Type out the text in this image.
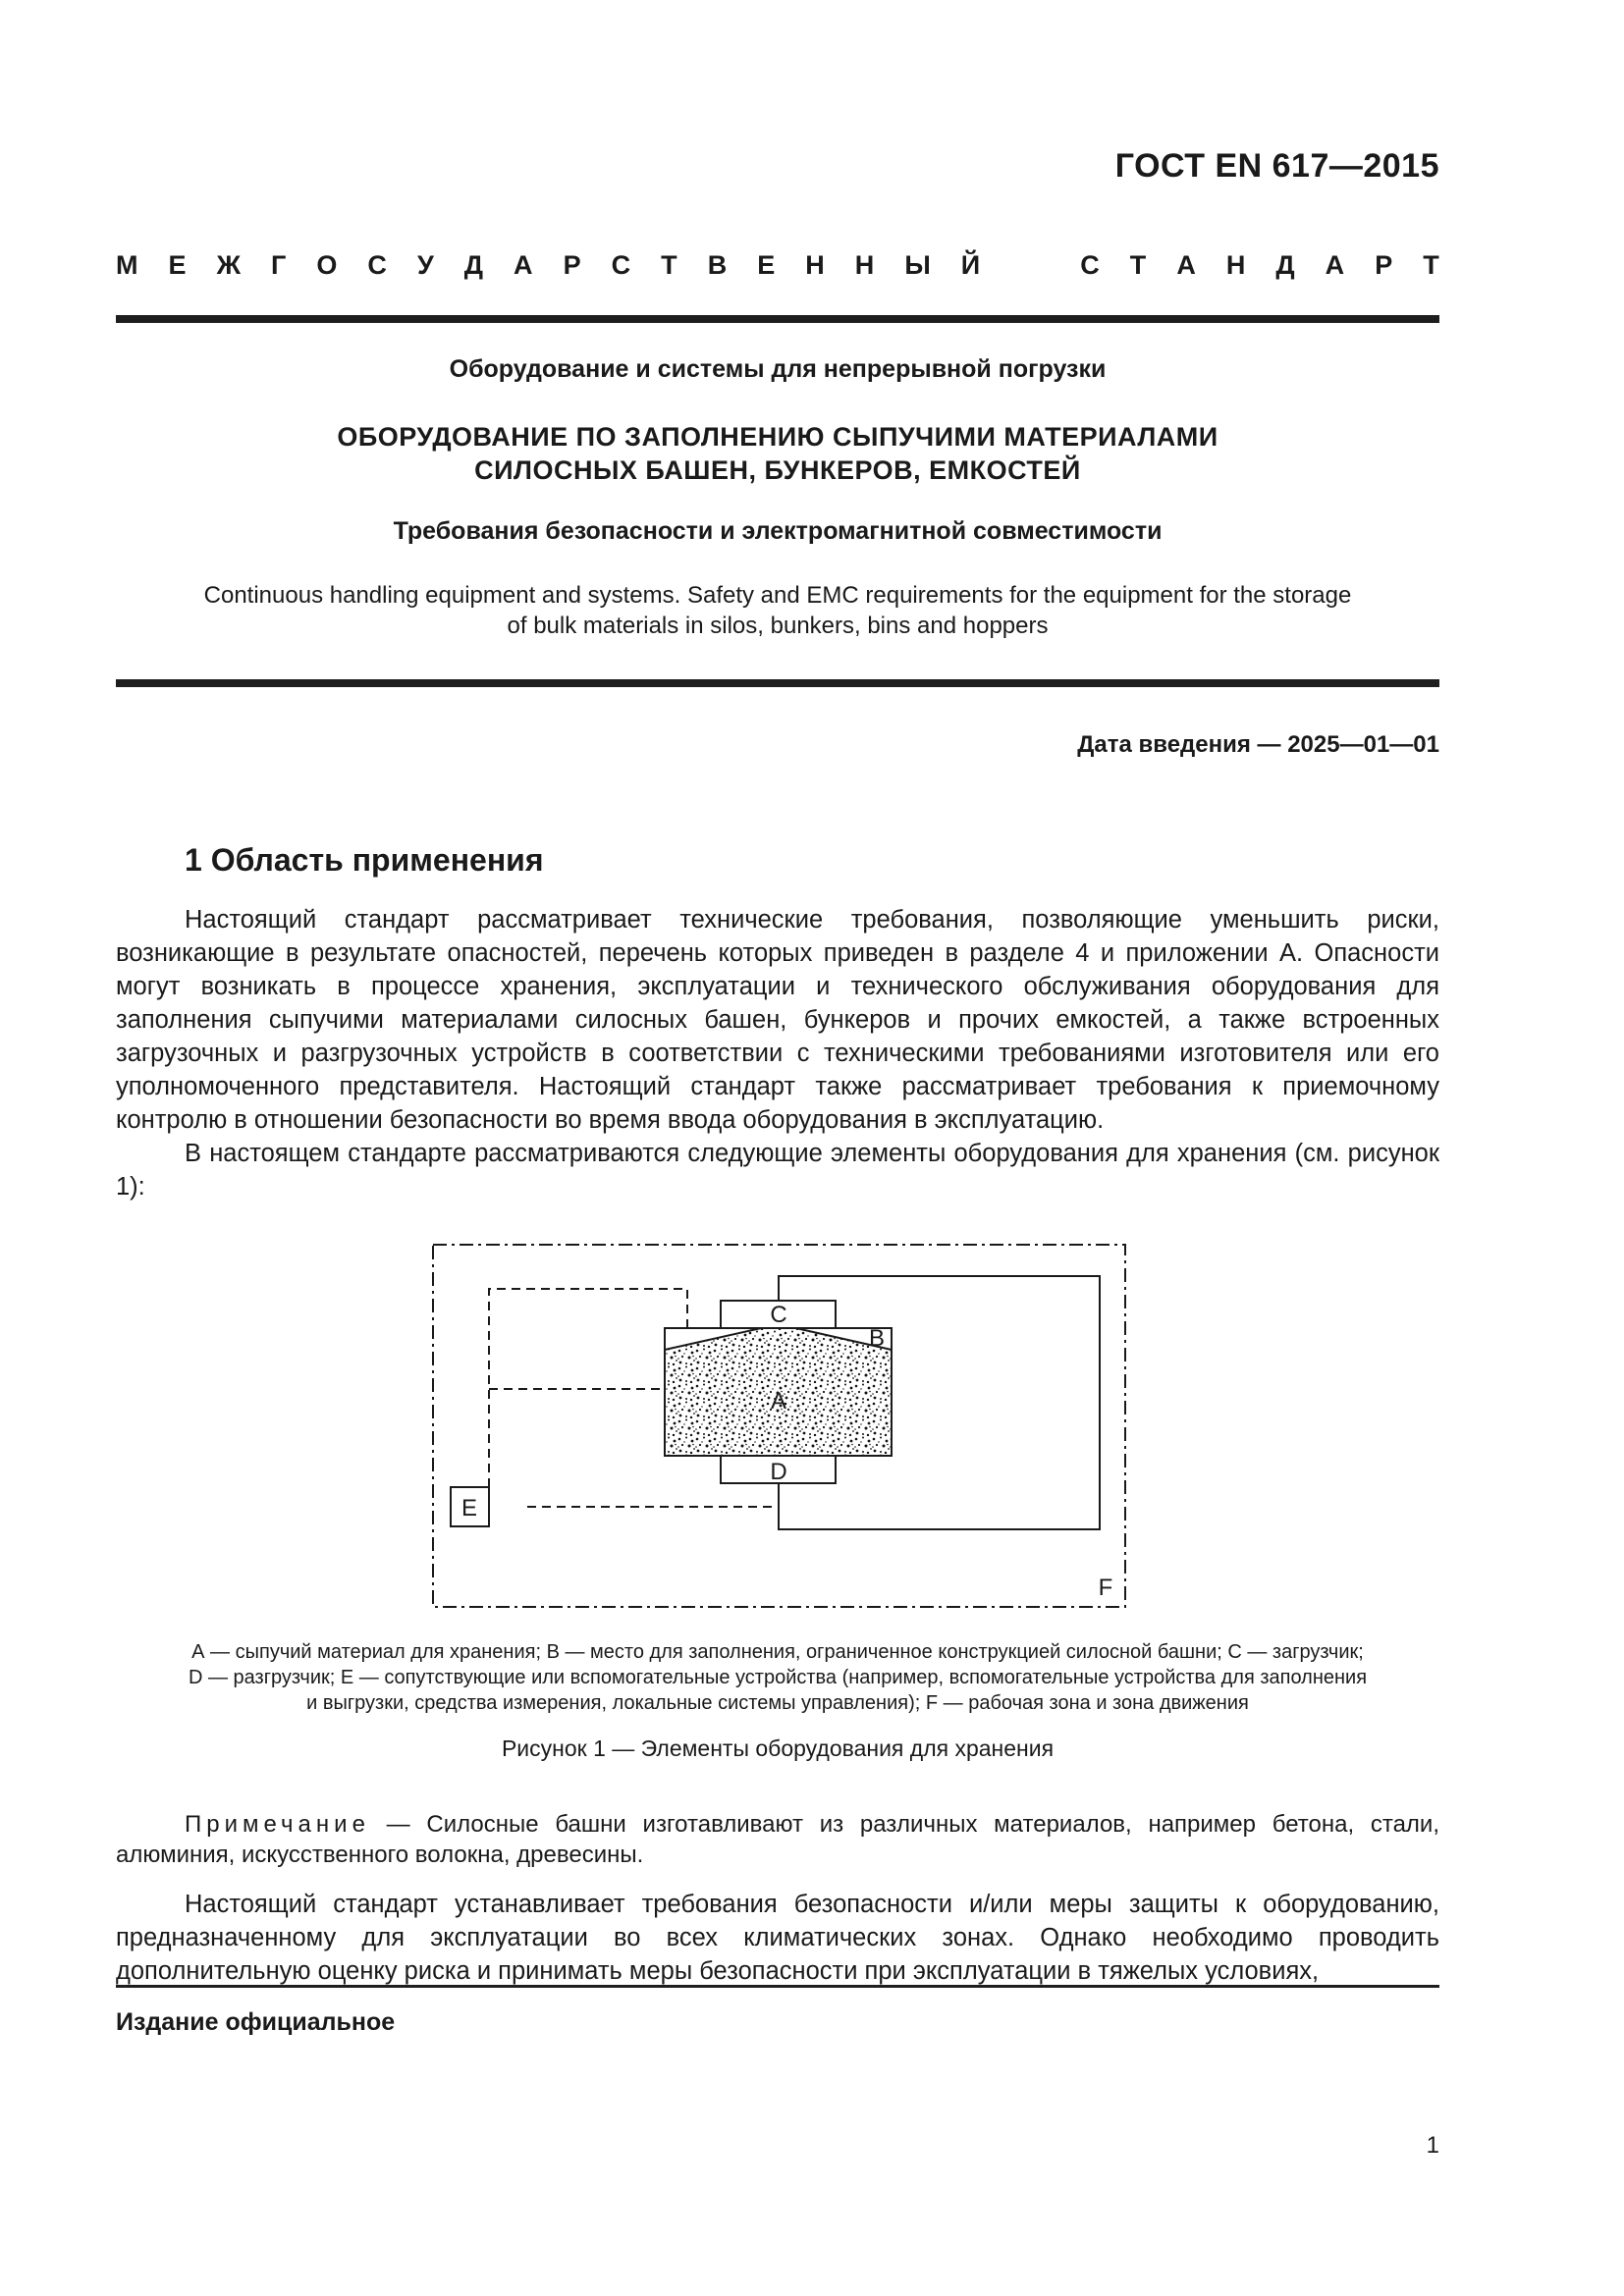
ГОСТ EN 617—2015
М Е Ж Г О С У Д А Р С Т В Е Н Н Ы Й	С Т А Н Д А Р Т
Оборудование и системы для непрерывной погрузки
ОБОРУДОВАНИЕ ПО ЗАПОЛНЕНИЮ СЫПУЧИМИ МАТЕРИАЛАМИ
СИЛОСНЫХ БАШЕН, БУНКЕРОВ, ЕМКОСТЕЙ
Требования безопасности и электромагнитной совместимости
Continuous handling equipment and systems. Safety and EMC requirements for the equipment for the storage
of bulk materials in silos, bunkers, bins and hoppers
Дата введения — 2025—01—01
1 Область применения

Настоящий стандарт рассматривает технические требования, позволяющие уменьшить риски, возникающие в результате опасностей, перечень которых приведен в разделе 4 и приложении А. Опасности могут возникать в процессе хранения, эксплуатации и технического обслуживания оборудования для заполнения сыпучими материалами силосных башен, бункеров и прочих емкостей, а также встроенных загрузочных и разгрузочных устройств в соответствии с техническими требованиями изготовителя или его уполномоченного представителя. Настоящий стандарт также рассматривает требования к приемочному контролю в отношении безопасности во время ввода оборудования в эксплуатацию.

В настоящем стандарте рассматриваются следующие элементы оборудования для хранения (см. рисунок 1):

C
B
A
D
E
F
А — сыпучий материал для хранения; В — место для заполнения, ограниченное конструкцией силосной башни; С — загрузчик;
D — разгрузчик; Е — сопутствующие или вспомогательные устройства (например, вспомогательные устройства для заполнения
и выгрузки, средства измерения, локальные системы управления); F — рабочая зона и зона движения
Рисунок 1 — Элементы оборудования для хранения

Примечание — Силосные башни изготавливают из различных материалов, например бетона, стали, алюминия, искусственного волокна, древесины.

Настоящий стандарт устанавливает требования безопасности и/или меры защиты к оборудованию, предназначенному для эксплуатации во всех климатических зонах. Однако необходимо проводить дополнительную оценку риска и принимать меры безопасности при эксплуатации в тяжелых условиях,

Издание официальное
1
